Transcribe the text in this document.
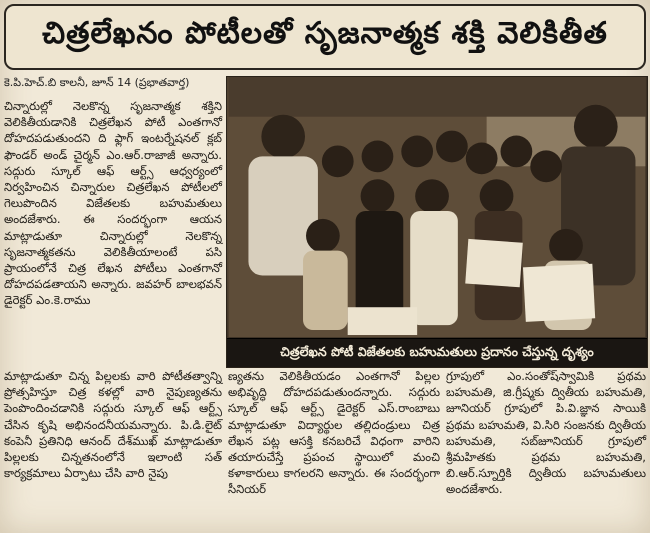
చిత్రలేఖనం పోటీలతో సృజనాత్మక శక్తి వెలికితీత
కె.పి.హెచ్.బి కాలనీ, జూన్ 14 (ప్రభాతవార్త)

చిన్నారుల్లో నెలకొన్న సృజనాత్మక శక్తిని వెలికితీయడానికి చిత్రలేఖన పోటీ ఎంతగానో దోహదపడుతుందని ది ఫ్లాగ్ ఇంటర్నేషనల్ క్లబ్ ఫౌండర్ అండ్ చైర్మన్ ఎం.ఆర్.రాజాజీ అన్నారు. సద్గురు స్కూల్ ఆఫ్ ఆర్ట్స్ ఆధ్వర్యంలో నిర్వహించిన చిన్నారుల చిత్రలేఖన పోటీలలో గెలుపొందిన విజేతలకు బహుమతులు అందజేశారు. ఈ సందర్భంగా ఆయన మాట్లాడుతూ చిన్నారుల్లో నెలకొన్న సృజనాత్మకతను వెలికితీయాలంటే పసి ప్రాయంలోనే చిత్ర లేఖన పోటీలు ఎంతగానో దోహదపడతాయని అన్నారు. జవహర్ బాలభవన్ డైరెక్టర్ ఎం.కె.రాము

చిత్రలేఖన పోటీ విజేతలకు బహుమతులు ప్రదానం చేస్తున్న దృశ్యం

మాట్లాడుతూ చిన్న పిల్లలకు వారి పోటీతత్వాన్ని ప్రోత్సహిస్తూ చిత్ర కళల్లో వారి నైపుణ్యతను పెంపొందించడానికి సద్గురు స్కూల్ ఆఫ్ ఆర్ట్స్ చేసిన కృషి అభినందనీయమన్నారు. పి.డి.లైట్ కంపెనీ ప్రతినిధి ఆనంద్ దేశ్‌ముఖ్ మాట్లాడుతూ పిల్లలకు చిన్నతనంలోనే ఇలాంటి సత్ కార్యక్రమాలు ఏర్పాటు చేసి వారి నైపు

ణ్యతను వెలికితీయడం ఎంతగానో పిల్లల అభివృద్ధి దోహదపడుతుందన్నారు. సద్గురు స్కూల్ ఆఫ్ ఆర్ట్స్ డైరెక్టర్ ఎస్.రాంబాబు మాట్లాడుతూ విద్యార్థుల తల్లిదండ్రులు చిత్ర లేఖన పట్ల ఆసక్తి కనబరిచే విధంగా వారిని తయారుచేస్తే ప్రపంచ స్థాయిలో మంచి కళాకారులు కాగలరని అన్నారు. ఈ సందర్భంగా సీనియర్

గ్రూపులో ఎం.సంతోష్‌స్వామికి ప్రథమ బహుమతి, జి.గ్రీష్మకు ద్వితీయ బహుమతి, జూనియర్ గ్రూపులో పి.వి.జ్ఞాన సాయికి ప్రథమ బహుమతి, వి.సిరి సంజనకు ద్వితీయ బహుమతి, సబ్‌జూనియర్ గ్రూపులో శ్రీమహితకు ప్రథమ బహుమతి, బి.ఆర్.స్నూర్తికి ద్వితీయ బహుమతులు అందజేశారు.
